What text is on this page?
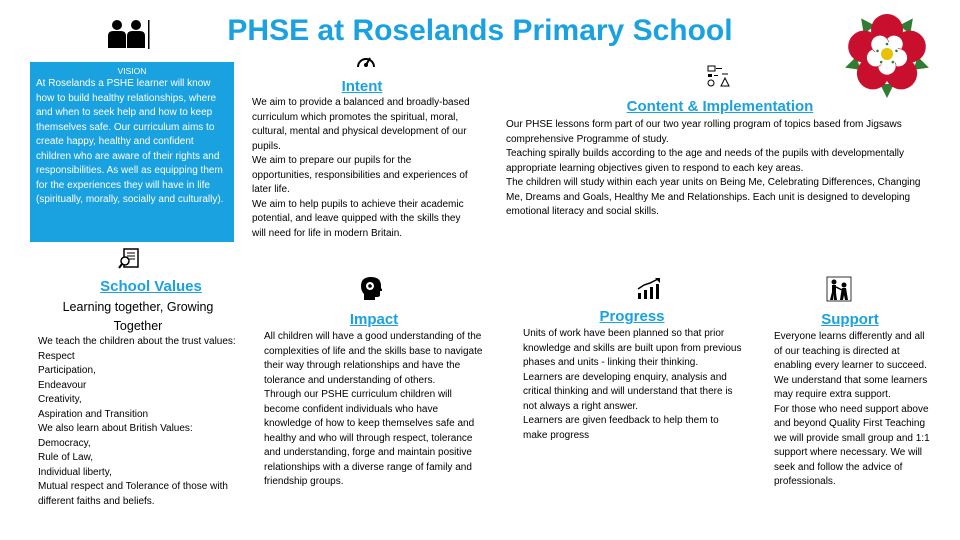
PHSE at Roselands Primary School
VISION
At Roselands a PSHE learner will know how to build healthy relationships, where and when to seek help and how to keep themselves safe. Our curriculum aims to create happy, healthy and confident children who are aware of their rights and responsibilities. As well as equipping them for the experiences they will have in life (spiritually, morally, socially and culturally).
Intent

We aim to provide a balanced and broadly-based curriculum which promotes the spiritual, moral, cultural, mental and physical development of our pupils.

We aim to prepare our pupils for the opportunities, responsibilities and experiences of later life.

We aim to help pupils to achieve their academic potential, and leave quipped with the skills they will need for life in modern Britain.

Content & Implementation

Our PHSE lessons form part of our two year rolling program of topics based from Jigsaws comprehensive Programme of study.

Teaching spirally builds according to the age and needs of the pupils with developmentally appropriate learning objectives given to respond to each key areas.

The children will study within each year units on Being Me, Celebrating Differences, Changing Me, Dreams and Goals, Healthy Me and Relationships. Each unit is designed to developing emotional literacy and social skills.

School Values
Learning together, Growing Together

We teach the children about the trust values:

Respect

Participation,

Endeavour

Creativity,

Aspiration and Transition

We also learn about British Values:

Democracy,

Rule of Law,

Individual liberty,

Mutual respect and Tolerance of those with different faiths and beliefs.

Impact

All children will have a good understanding of the complexities of life and the skills base to navigate their way through relationships and have the tolerance and understanding of others.

Through our PSHE curriculum children will become confident individuals who have knowledge of how to keep themselves safe and healthy and who will through respect, tolerance and understanding, forge and maintain positive relationships with a diverse range of family and friendship groups.

Progress

Units of work have been planned so that prior knowledge and skills are built upon from previous phases and units - linking their thinking.

Learners are developing enquiry, analysis and critical thinking and will understand that there is not always a right answer.

Learners are given feedback to help them to make progress

Support

Everyone learns differently and all of our teaching is directed at enabling every learner to succeed. We understand that some learners may require extra support.

For those who need support above and beyond Quality First Teaching we will provide small group and 1:1 support where necessary. We will seek and follow the advice of professionals.
